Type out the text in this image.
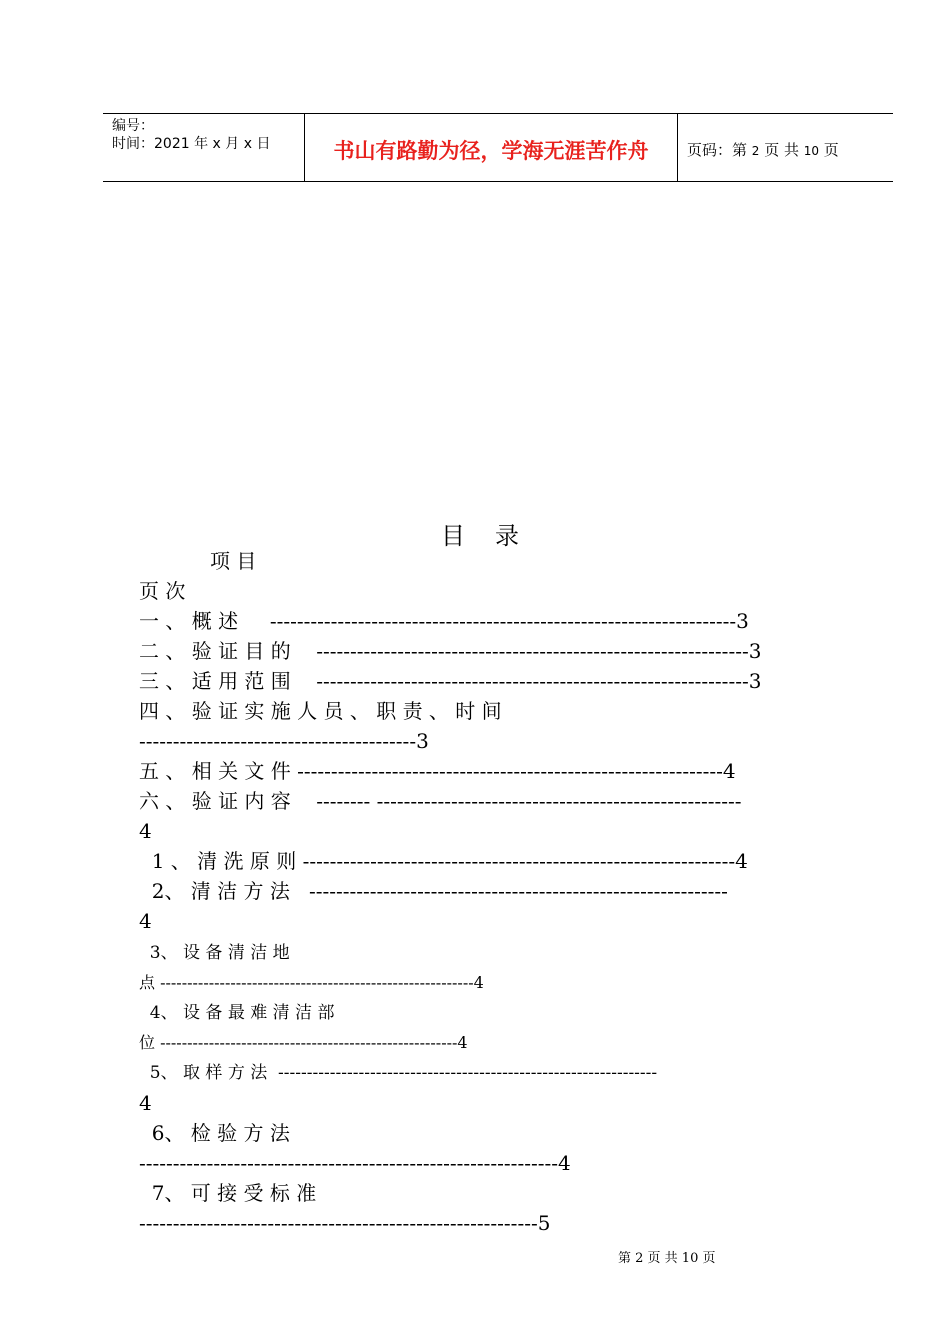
编号：
时间：2021 年 x 月 x 日	书山有路勤为径，学海无涯苦作舟	页码：第 2 页 共 10 页
目录
项 目
页 次
一 、 概 述     ---------------------------------------------------------------------3
二 、 验 证 目 的    ----------------------------------------------------------------3
三 、 适 用 范 围    ----------------------------------------------------------------3
四 、 验 证 实 施 人 员 、 职 责 、 时 间
-----------------------------------------3
五 、 相 关 文 件 ---------------------------------------------------------------4
六 、 验 证 内 容    -------- ------------------------------------------------------
4
1 、 清 洗 原 则 ----------------------------------------------------------------4
2、 清 洁 方 法   --------------------------------------------------------------
4
3、 设 备 清 洁 地
点 ----------------------------------------------------------4
4、 设 备 最 难 清 洁 部
位 -------------------------------------------------------4
5、 取 样 方 法  ------------------------------------------------------------------
4
6、 检 验 方 法
--------------------------------------------------------------4
7、 可 接 受 标 准
-----------------------------------------------------------5
第 2 页 共 10 页
